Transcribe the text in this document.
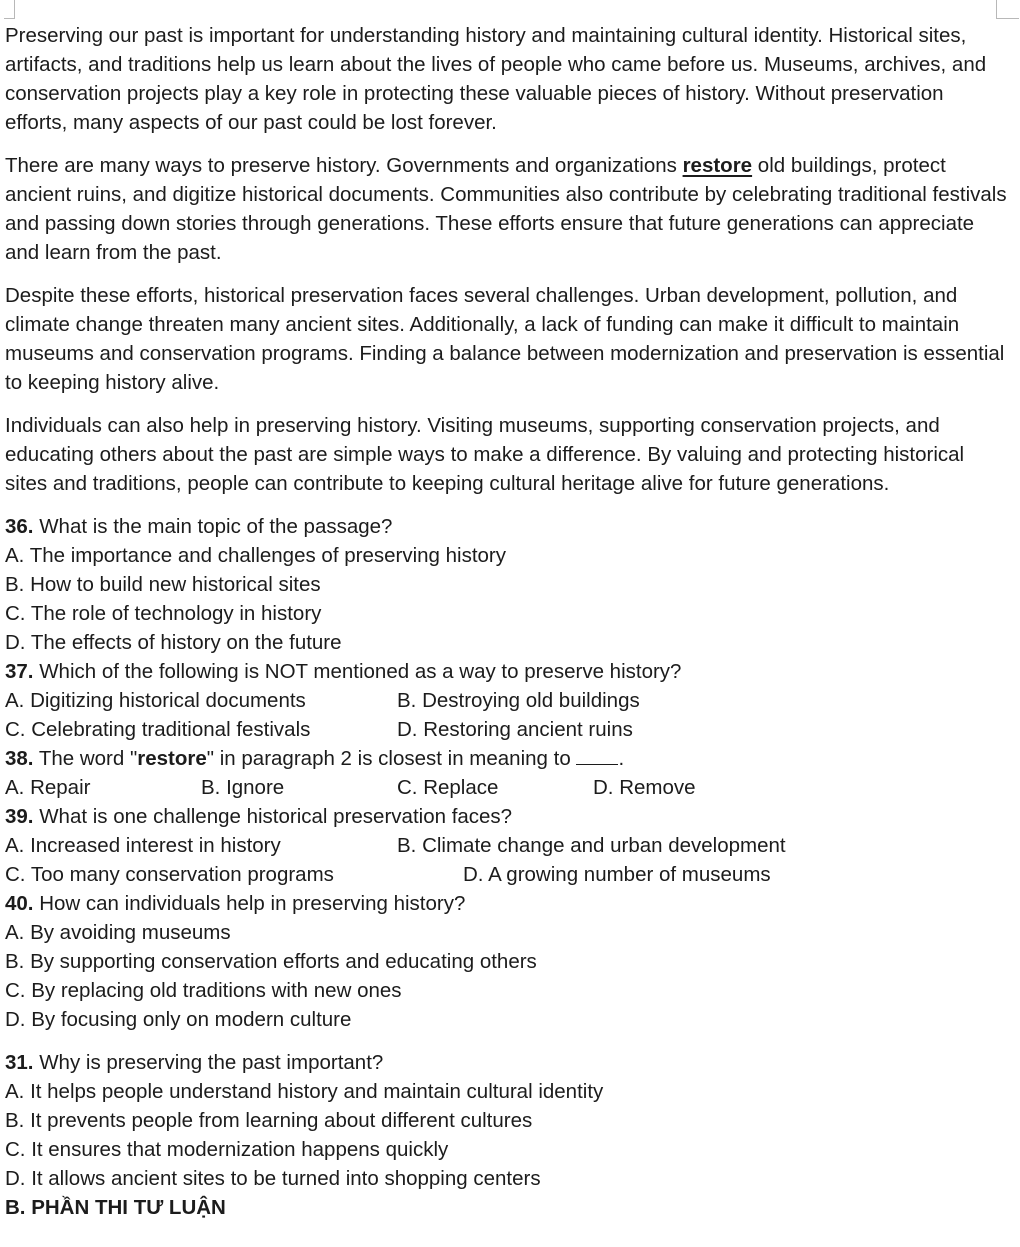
Preserving our past is important for understanding history and maintaining cultural identity. Historical sites, artifacts, and traditions help us learn about the lives of people who came before us. Museums, archives, and conservation projects play a key role in protecting these valuable pieces of history. Without preservation efforts, many aspects of our past could be lost forever.

There are many ways to preserve history. Governments and organizations restore old buildings, protect ancient ruins, and digitize historical documents. Communities also contribute by celebrating traditional festivals and passing down stories through generations. These efforts ensure that future generations can appreciate and learn from the past.

Despite these efforts, historical preservation faces several challenges. Urban development, pollution, and climate change threaten many ancient sites. Additionally, a lack of funding can make it difficult to maintain museums and conservation programs. Finding a balance between modernization and preservation is essential to keeping history alive.

Individuals can also help in preserving history. Visiting museums, supporting conservation projects, and educating others about the past are simple ways to make a difference. By valuing and protecting historical sites and traditions, people can contribute to keeping cultural heritage alive for future generations.

36. What is the main topic of the passage?
A. The importance and challenges of preserving history
B. How to build new historical sites
C. The role of technology in history
D. The effects of history on the future
37. Which of the following is NOT mentioned as a way to preserve history?
A. Digitizing historical documents	B. Destroying old buildings
C. Celebrating traditional festivals	D. Restoring ancient ruins
38. The word "restore" in paragraph 2 is closest in meaning to .
A. Repair	B. Ignore	C. Replace	D. Remove
39. What is one challenge historical preservation faces?
A. Increased interest in history	B. Climate change and urban development
C. Too many conservation programs	D. A growing number of museums
40. How can individuals help in preserving history?
A. By avoiding museums
B. By supporting conservation efforts and educating others
C. By replacing old traditions with new ones
D. By focusing only on modern culture
31. Why is preserving the past important?
A. It helps people understand history and maintain cultural identity
B. It prevents people from learning about different cultures
C. It ensures that modernization happens quickly
D. It allows ancient sites to be turned into shopping centers
B. PHẦN THI TƯ LUẬN
